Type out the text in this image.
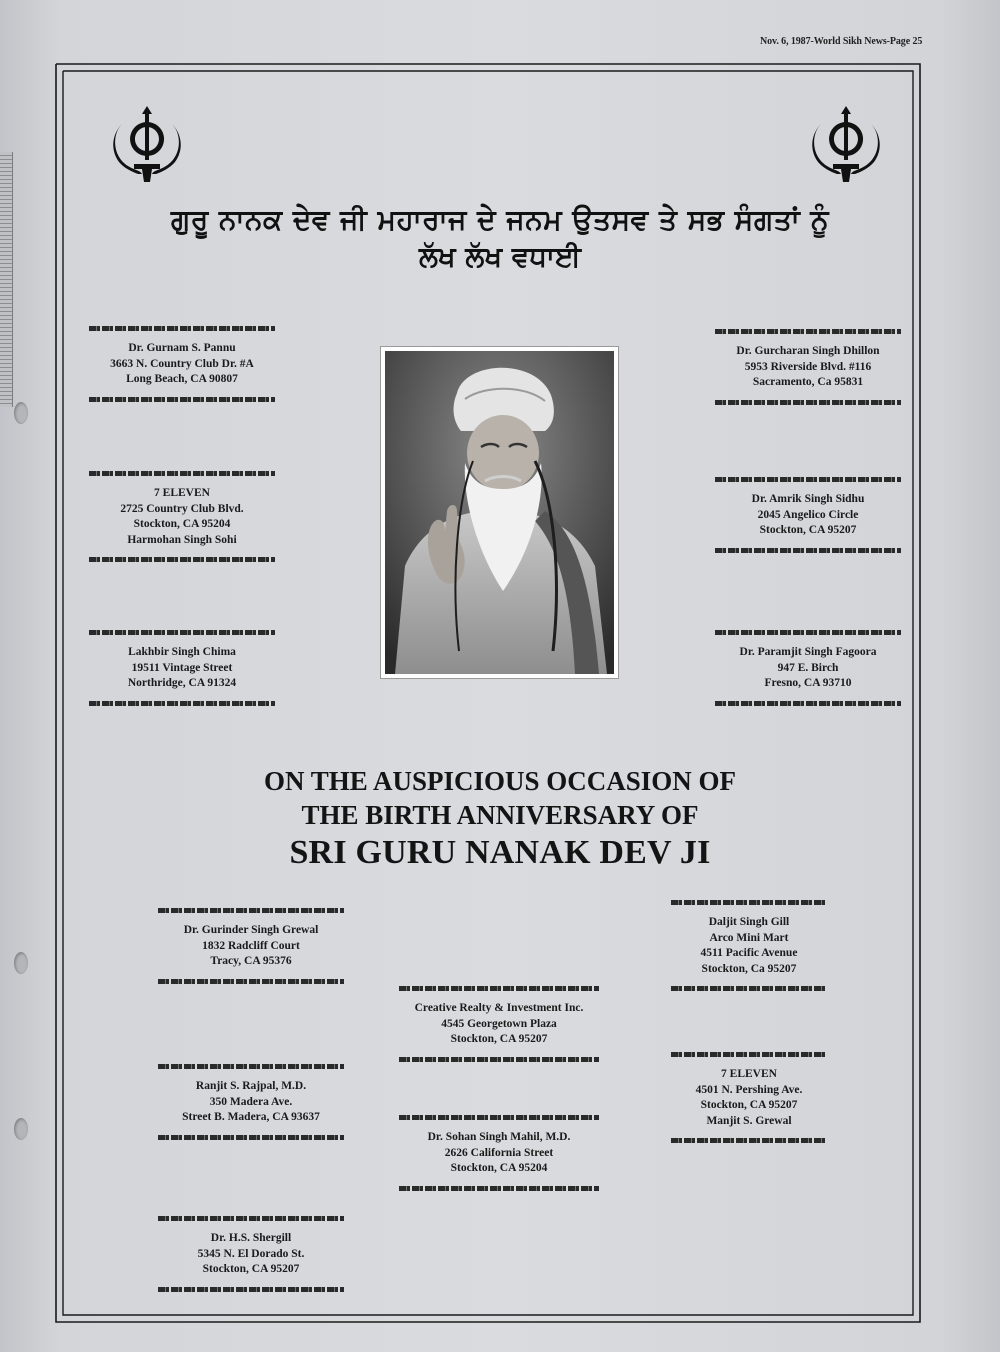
Nov. 6, 1987-World Sikh News-Page 25
ਗੁਰੂ ਨਾਨਕ ਦੇਵ ਜੀ ਮਹਾਰਾਜ ਦੇ ਜਨਮ ਉਤਸਵ ਤੇ ਸਭ ਸੰਗਤਾਂ ਨੂੰ
ਲੱਖ ਲੱਖ ਵਧਾਈ
Dr. Gurnam S. Pannu
3663 N. Country Club Dr. #A
Long Beach, CA 90807
7 ELEVEN
2725 Country Club Blvd.
Stockton, CA 95204
Harmohan Singh Sohi
Lakhbir Singh Chima
19511 Vintage Street
Northridge, CA 91324
Dr. Gurcharan Singh Dhillon
5953 Riverside Blvd. #116
Sacramento, Ca 95831
Dr. Amrik Singh Sidhu
2045 Angelico Circle
Stockton, CA 95207
Dr. Paramjit Singh Fagoora
947 E. Birch
Fresno, CA 93710
ON THE AUSPICIOUS OCCASION OF
THE BIRTH ANNIVERSARY OF
SRI GURU NANAK DEV JI
Dr. Gurinder Singh Grewal
1832 Radcliff Court
Tracy, CA 95376
Ranjit S. Rajpal, M.D.
350 Madera Ave.
Street B. Madera, CA 93637
Dr. H.S. Shergill
5345 N. El Dorado St.
Stockton, CA 95207
Creative Realty & Investment Inc.
4545 Georgetown Plaza
Stockton, CA 95207
Dr. Sohan Singh Mahil, M.D.
2626 California Street
Stockton, CA 95204
Daljit Singh Gill
Arco Mini Mart
4511 Pacific Avenue
Stockton, Ca 95207
7 ELEVEN
4501 N. Pershing Ave.
Stockton, CA 95207
Manjit S. Grewal
